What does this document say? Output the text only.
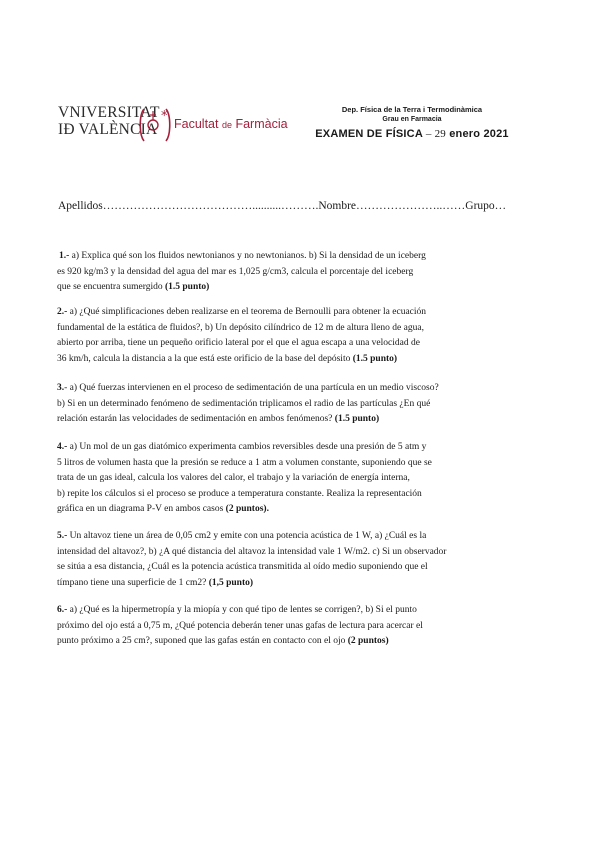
VNIVERSITAT
IÐ VALÈNCIA
* Facultat de Farmàcia
Dep. Física de la Terra i Termodinàmica
Grau en Farmacia
EXAMEN DE FÍSICA – 29 enero 2021
Apellidos…………………………………..........……….Nombre…………………..……Grupo…

1.- a) Explica qué son los fluidos newtonianos y no newtonianos. b) Si la densidad de un iceberg

es 920 kg/m3 y la densidad del agua del mar es 1,025 g/cm3, calcula el porcentaje del iceberg

que se encuentra sumergido (1.5 punto)

2.- a) ¿Qué simplificaciones deben realizarse en el teorema de Bernoulli para obtener la ecuación

fundamental de la estática de fluidos?, b) Un depósito cilíndrico de 12 m de altura lleno de agua,

abierto por arriba, tiene un pequeño orificio lateral por el que el agua escapa a una velocidad de

36 km/h, calcula la distancia a la que está este orificio de la base del depósito (1.5 punto)

3.- a) Qué fuerzas intervienen en el proceso de sedimentación de una partícula en un medio viscoso?

b) Si en un determinado fenómeno de sedimentación triplicamos el radio de las partículas ¿En qué

relación estarán las velocidades de sedimentación en ambos fenómenos? (1.5 punto)

4.- a) Un mol de un gas diatómico experimenta cambios reversibles desde una presión de 5 atm y

5 litros de volumen hasta que la presión se reduce a 1 atm a volumen constante, suponiendo que se

trata de un gas ideal, calcula los valores del calor, el trabajo y la variación de energía interna,

b) repite los cálculos si el proceso se produce a temperatura constante. Realiza la representación

gráfica en un diagrama P-V en ambos casos (2 puntos).

5.- Un altavoz tiene un área de 0,05 cm2 y emite con una potencia acústica de 1 W, a) ¿Cuál es la

intensidad del altavoz?, b) ¿A qué distancia del altavoz la intensidad vale 1 W/m2. c) Si un observador

se sitúa a esa distancia, ¿Cuál es la potencia acústica transmitida al oído medio suponiendo que el

tímpano tiene una superficie de 1 cm2? (1,5 punto)

6.- a) ¿Qué es la hipermetropía y la miopía y con qué tipo de lentes se corrigen?, b) Si el punto

próximo del ojo está a 0,75 m, ¿Qué potencia deberán tener unas gafas de lectura para acercar el

punto próximo a 25 cm?, suponed que las gafas están en contacto con el ojo (2 puntos)
